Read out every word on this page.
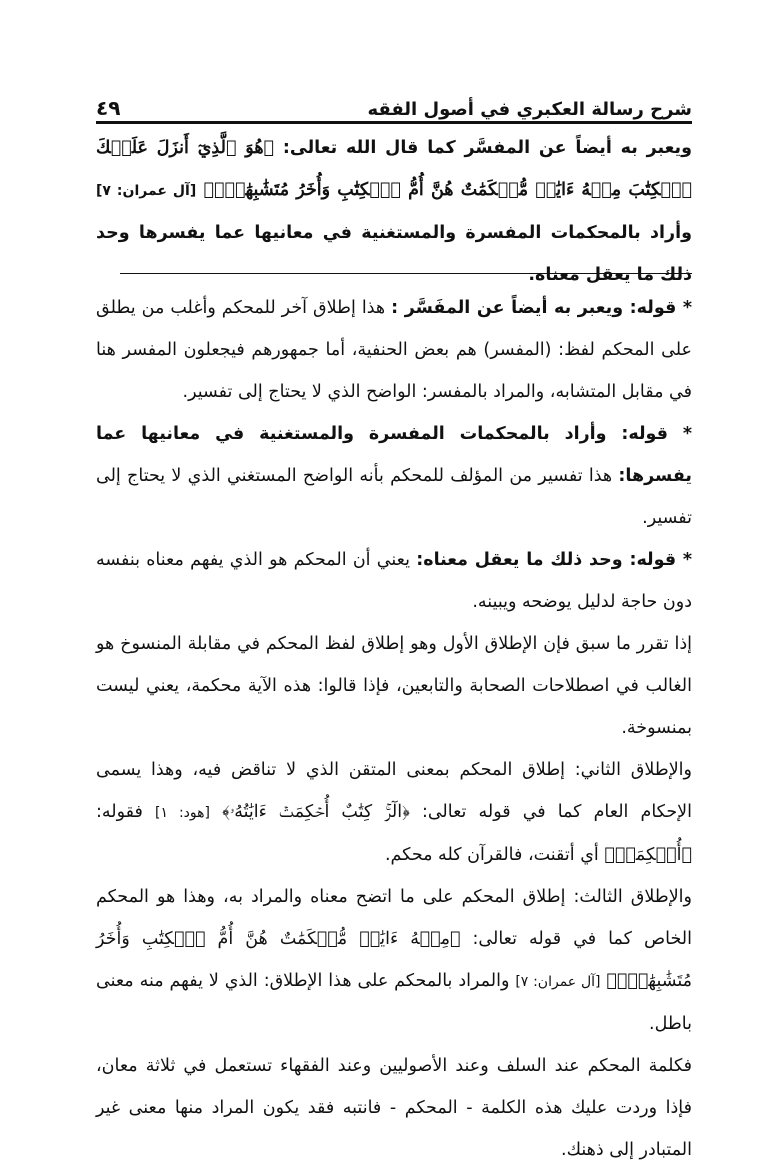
شرح رسالة العكبري في أصول الفقه
٤٩

ويعبر به أيضاً عن المفسَّر كما قال الله تعالى: ﴿هُوَ ٱلَّذِيٓ أَنزَلَ عَلَيۡكَ ٱلۡكِتَٰبَ مِنۡهُ ءَايَٰتٞ مُّحۡكَمَٰتٌ هُنَّ أُمُّ ٱلۡكِتَٰبِ وَأُخَرُ مُتَشَٰبِهَٰتٞۖ﴾ [آل عمران: ٧] وأراد بالمحكمات المفسرة والمستغنية في معانيها عما يفسرها وحد ذلك ما يعقل معناه.

* قوله: ويعبر به أيضاً عن المفَسَّر : هذا إطلاق آخر للمحكم وأغلب من يطلق على المحكم لفظ: (المفسر) هم بعض الحنفية، أما جمهورهم فيجعلون المفسر هنا في مقابل المتشابه، والمراد بالمفسر: الواضح الذي لا يحتاج إلى تفسير.

* قوله: وأراد بالمحكمات المفسرة والمستغنية في معانيها عما يفسرها: هذا تفسير من المؤلف للمحكم بأنه الواضح المستغني الذي لا يحتاج إلى تفسير.

* قوله: وحد ذلك ما يعقل معناه: يعني أن المحكم هو الذي يفهم معناه بنفسه دون حاجة لدليل يوضحه ويبينه.

إذا تقرر ما سبق فإن الإطلاق الأول وهو إطلاق لفظ المحكم في مقابلة المنسوخ هو الغالب في اصطلاحات الصحابة والتابعين، فإذا قالوا: هذه الآية محكمة، يعني ليست بمنسوخة.

والإطلاق الثاني: إطلاق المحكم بمعنى المتقن الذي لا تناقض فيه، وهذا يسمى الإحكام العام كما في قوله تعالى: ﴿الٓرۚ كِتَٰبٌ أُحۡكِمَتۡ ءَايَٰتُهُۥ﴾ [هود: ١] فقوله: ﴿أُحۡكِمَتۡ﴾ أي أتقنت، فالقرآن كله محكم.

والإطلاق الثالث: إطلاق المحكم على ما اتضح معناه والمراد به، وهذا هو المحكم الخاص كما في قوله تعالى: ﴿مِنۡهُ ءَايَٰتٞ مُّحۡكَمَٰتٌ هُنَّ أُمُّ ٱلۡكِتَٰبِ وَأُخَرُ مُتَشَٰبِهَٰتٞۖ﴾ [آل عمران: ٧] والمراد بالمحكم على هذا الإطلاق: الذي لا يفهم منه معنى باطل.

فكلمة المحكم عند السلف وعند الأصوليين وعند الفقهاء تستعمل في ثلاثة معان، فإذا وردت عليك هذه الكلمة - المحكم - فانتبه فقد يكون المراد منها معنى غير المتبادر إلى ذهنك.
